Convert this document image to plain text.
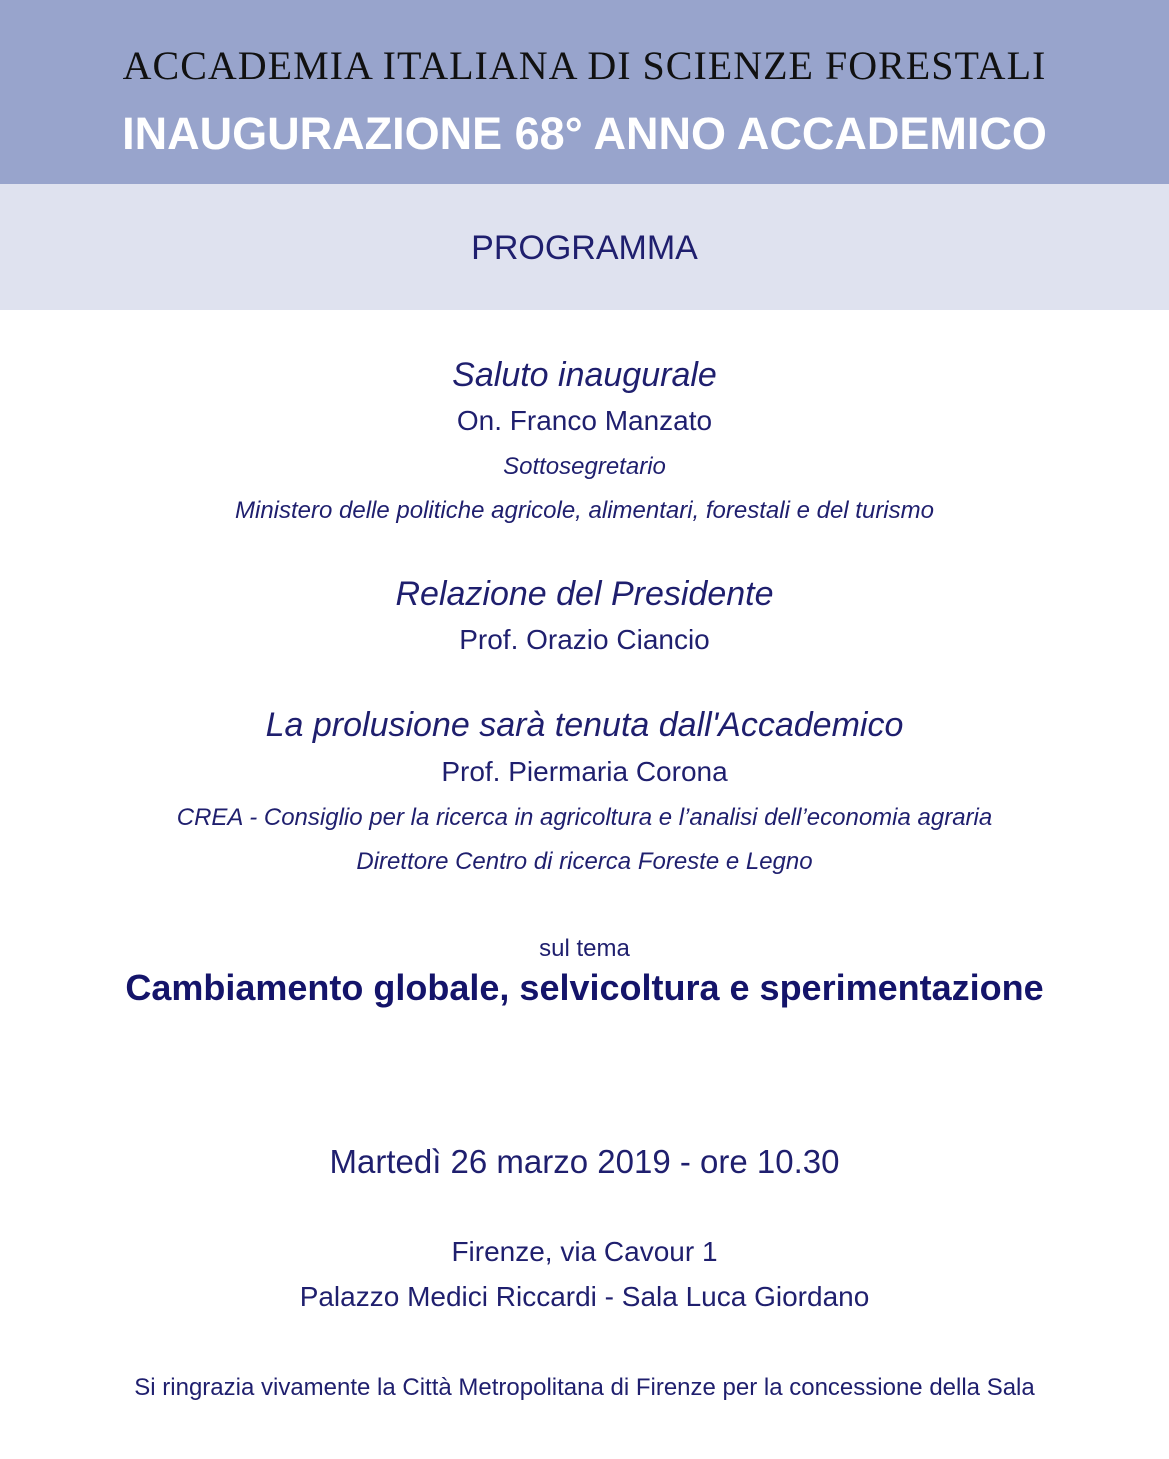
ACCADEMIA ITALIANA DI SCIENZE FORESTALI
INAUGURAZIONE 68° ANNO ACCADEMICO
PROGRAMMA
Saluto inaugurale
On. Franco Manzato
Sottosegretario
Ministero delle politiche agricole, alimentari, forestali e del turismo
Relazione del Presidente
Prof. Orazio Ciancio
La prolusione sarà tenuta dall'Accademico
Prof. Piermaria Corona
CREA - Consiglio per la ricerca in agricoltura e l’analisi dell’economia agraria
Direttore Centro di ricerca Foreste e Legno
sul tema
Cambiamento globale, selvicoltura e sperimentazione
Martedì 26 marzo 2019 - ore 10.30
Firenze, via Cavour 1
Palazzo Medici Riccardi - Sala Luca Giordano
Si ringrazia vivamente la Città Metropolitana di Firenze per la concessione della Sala
